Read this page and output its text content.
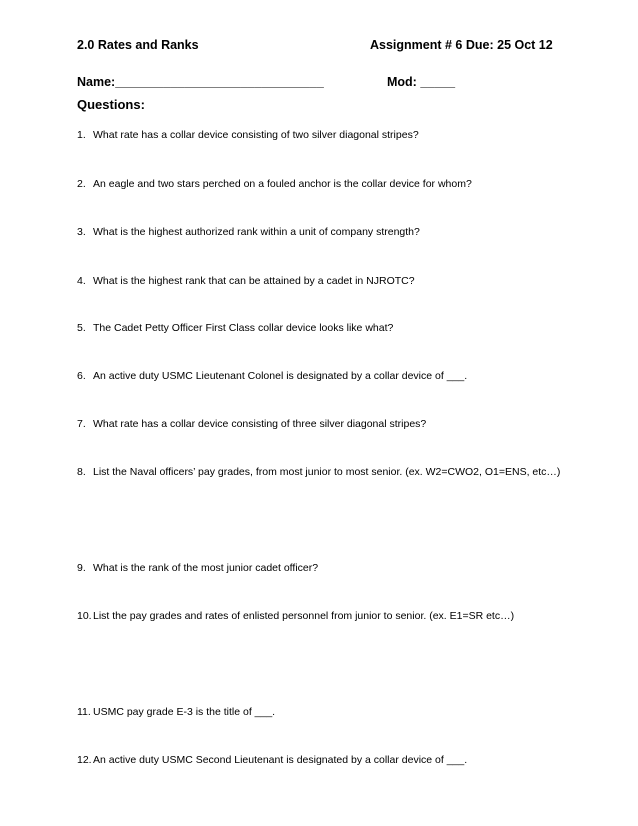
2.0 Rates and Ranks	Assignment # 6 Due: 25 Oct 12
Name:______________________________	Mod: _____
Questions:
1. What rate has a collar device consisting of two silver diagonal stripes?
2. An eagle and two stars perched on a fouled anchor is the collar device for whom?
3. What is the highest authorized rank within a unit of company strength?
4. What is the highest rank that can be attained by a cadet in NJROTC?
5. The Cadet Petty Officer First Class collar device looks like what?
6. An active duty USMC Lieutenant Colonel is designated by a collar device of ___.
7. What rate has a collar device consisting of three silver diagonal stripes?
8. List the Naval officers’ pay grades, from most junior to most senior. (ex. W2=CWO2, O1=ENS, etc…)
9. What is the rank of the most junior cadet officer?
10.List the pay grades and rates of enlisted personnel from junior to senior. (ex. E1=SR etc…)
11. USMC pay grade E-3 is the title of ___.
12.An active duty USMC Second Lieutenant is designated by a collar device of ___.
